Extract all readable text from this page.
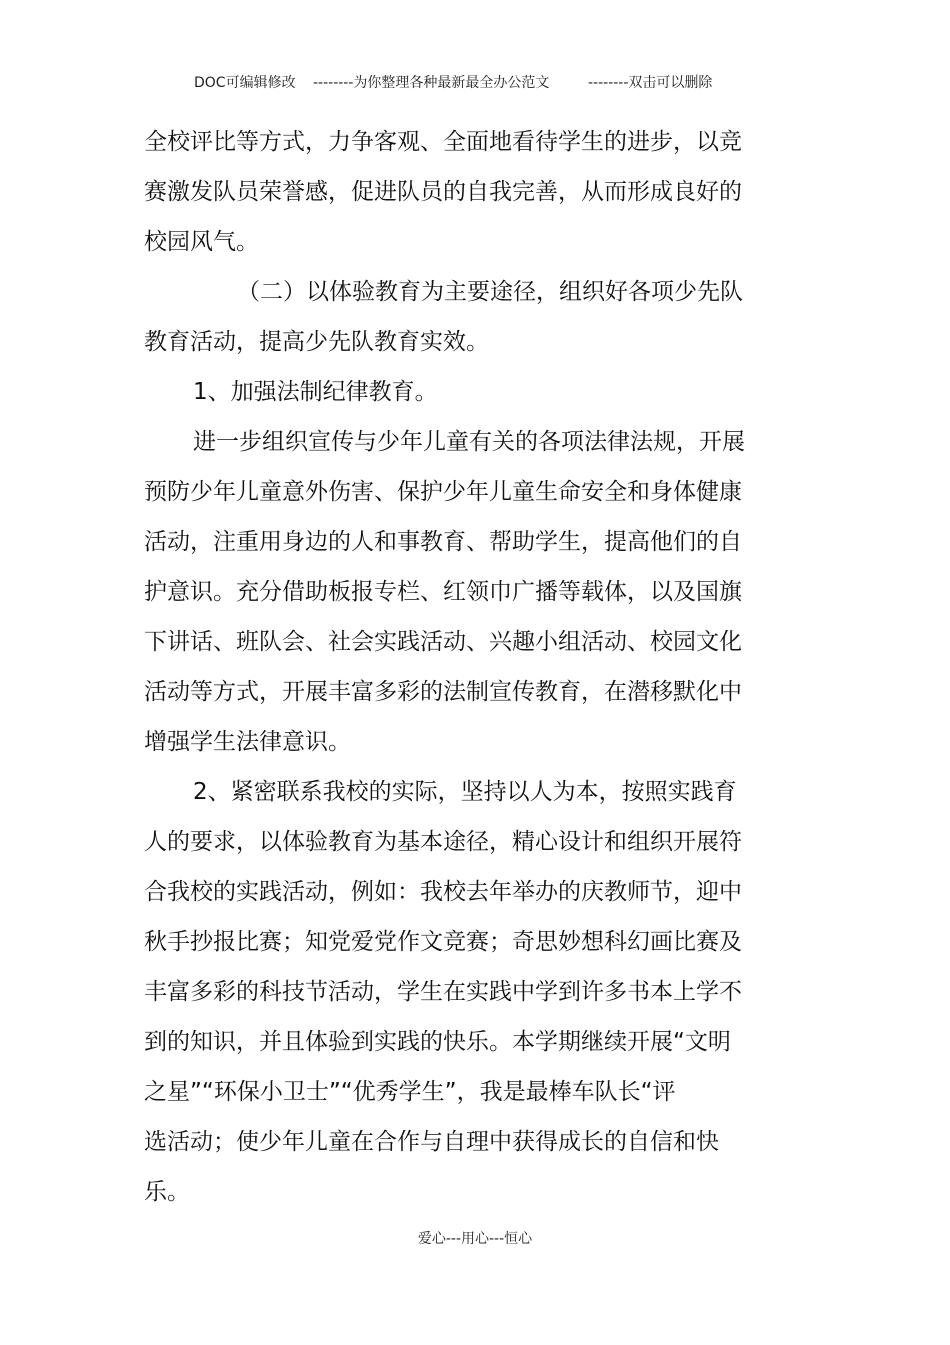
DOC可编辑修改 --------为你整理各种最新最全办公范文	--------双击可以删除
全校评比等方式，力争客观、全面地看待学生的进步，以竞
赛激发队员荣誉感，促进队员的自我完善，从而形成良好的
校园风气。
（二）以体验教育为主要途径，组织好各项少先队
教育活动，提高少先队教育实效。
1、加强法制纪律教育。
进一步组织宣传与少年儿童有关的各项法律法规，开展
预防少年儿童意外伤害、保护少年儿童生命安全和身体健康
活动，注重用身边的人和事教育、帮助学生，提高他们的自
护意识。充分借助板报专栏、红领巾广播等载体，以及国旗
下讲话、班队会、社会实践活动、兴趣小组活动、校园文化
活动等方式，开展丰富多彩的法制宣传教育，在潜移默化中
增强学生法律意识。
2、紧密联系我校的实际，坚持以人为本，按照实践育
人的要求，以体验教育为基本途径，精心设计和组织开展符
合我校的实践活动，例如：我校去年举办的庆教师节，迎中
秋手抄报比赛；知党爱党作文竞赛；奇思妙想科幻画比赛及
丰富多彩的科技节活动，学生在实践中学到许多书本上学不
到的知识，并且体验到实践的快乐。本学期继续开展“文明
之星”“环保小卫士”“优秀学生”，我是最棒车队长“评
选活动；使少年儿童在合作与自理中获得成长的自信和快
乐。
爱心---用心---恒心
